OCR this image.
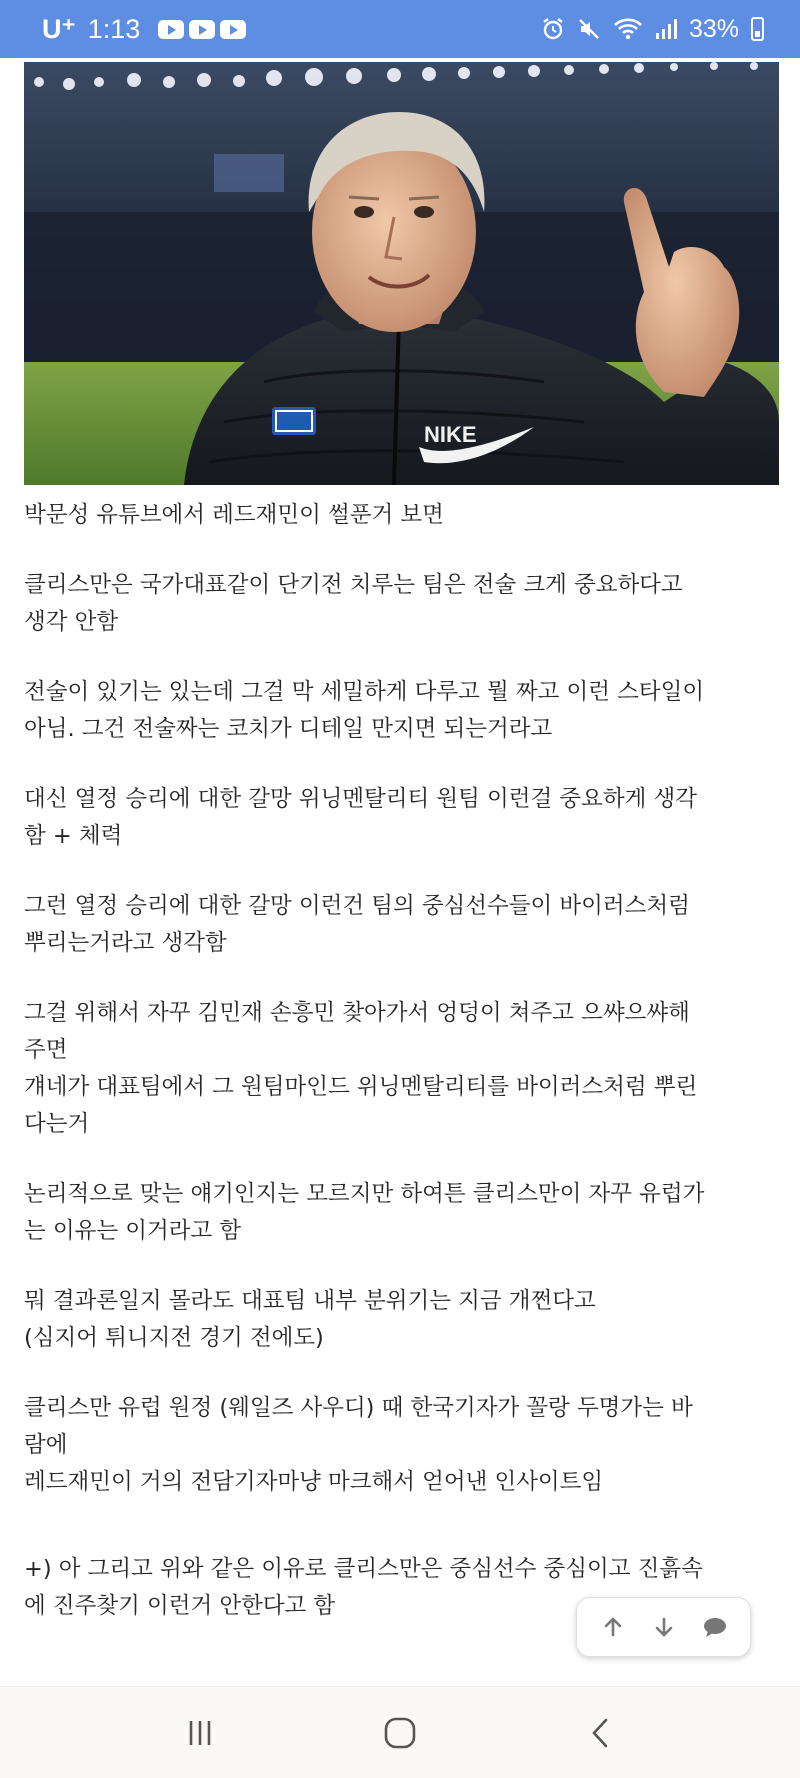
U⁺ 1:13	33%
NIKE
박문성 유튜브에서 레드재민이 썰푼거 보면
클리스만은 국가대표같이 단기전 치루는 팀은 전술 크게 중요하다고
생각 안함
전술이 있기는 있는데 그걸 막 세밀하게 다루고 뭘 짜고 이런 스타일이
아님. 그건 전술짜는 코치가 디테일 만지면 되는거라고
대신 열정 승리에 대한 갈망 위닝멘탈리티 원팀 이런걸 중요하게 생각
함 + 체력
그런 열정 승리에 대한 갈망 이런건 팀의 중심선수들이 바이러스처럼
뿌리는거라고 생각함
그걸 위해서 자꾸 김민재 손흥민 찾아가서 엉덩이 쳐주고 으쌰으쌰해
주면
걔네가 대표팀에서 그 원팀마인드 위닝멘탈리티를 바이러스처럼 뿌린
다는거
논리적으로 맞는 얘기인지는 모르지만 하여튼 클리스만이 자꾸 유럽가
는 이유는 이거라고 함
뭐 결과론일지 몰라도 대표팀 내부 분위기는 지금 개쩐다고
(심지어 튀니지전 경기 전에도)
클리스만 유럽 원정 (웨일즈 사우디) 때 한국기자가 꼴랑 두명가는 바
람에
레드재민이 거의 전담기자마냥 마크해서 얻어낸 인사이트임
+) 아 그리고 위와 같은 이유로 클리스만은 중심선수 중심이고 진흙속
에 진주찾기 이런거 안한다고 함
